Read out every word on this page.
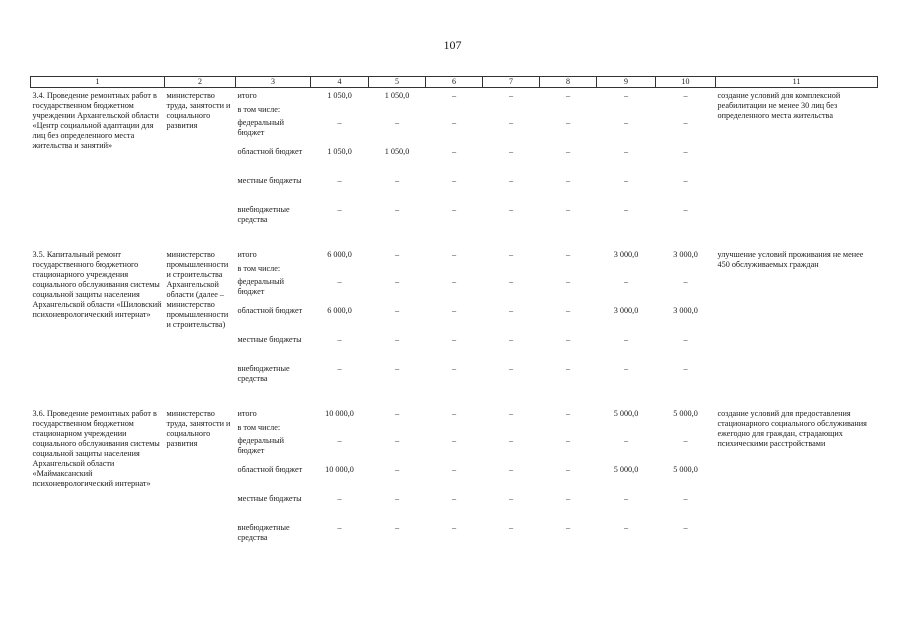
107
1	2	3	4	5	6	7	8	9	10	11
3.4. Проведение ремонтных работ в государственном бюджетном учреждении Архангельской области «Центр социальной адаптации для лиц без определенного места жительства и занятий»	министерство труда, занятости и социального развития	итого	1 050,0	1 050,0	–	–	–	–	–	создание условий для комплексной реабилитации не менее 30 лиц без определенного места жительства
		в том числе:								
		федеральный бюджет	–	–	–	–	–	–	–	
		областной бюджет	1 050,0	1 050,0	–	–	–	–	–	
		местные бюджеты	–	–	–	–	–	–	–	
		внебюджетные средства	–	–	–	–	–	–	–	

3.5. Капитальный ремонт государственного бюджетного стационарного учреждения социального обслуживания системы социальной защиты населения Архангельской области «Шиловский психоневрологический интернат»	министерство промышленности и строительства Архангельской области (далее – министерство промышленности и строительства)	итого	6 000,0	–	–	–	–	3 000,0	3 000,0	улучшение условий проживания не менее 450 обслуживаемых граждан
		в том числе:								
		федеральный бюджет	–	–	–	–	–	–	–	
		областной бюджет	6 000,0	–	–	–	–	3 000,0	3 000,0	
		местные бюджеты	–	–	–	–	–	–	–	
		внебюджетные средства	–	–	–	–	–	–	–	

3.6. Проведение ремонтных работ в государственном бюджетном стационарном учреждении социального обслуживания системы социальной защиты населения Архангельской области «Маймаксанский психоневрологический интернат»	министерство труда, занятости и социального развития	итого	10 000,0	–	–	–	–	5 000,0	5 000,0	создание условий для предоставления стационарного социального обслуживания ежегодно для граждан, страдающих психическими расстройствами
		в том числе:								
		федеральный бюджет	–	–	–	–	–	–	–	
		областной бюджет	10 000,0	–	–	–	–	5 000,0	5 000,0	
		местные бюджеты	–	–	–	–	–	–	–	
		внебюджетные средства	–	–	–	–	–	–	–	
